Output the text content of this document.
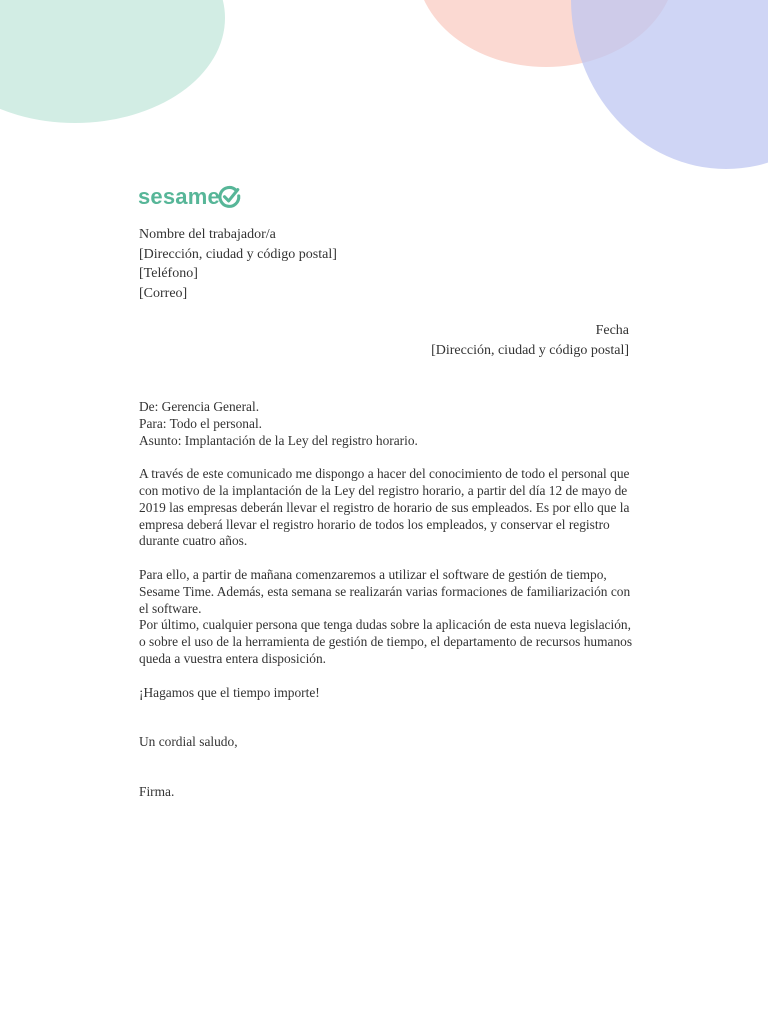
sesame
Nombre del trabajador/a
[Dirección, ciudad y código postal]
[Teléfono]
[Correo]
Fecha
[Dirección, ciudad y código postal]

De: Gerencia General.

Para: Todo el personal.

Asunto: Implantación de la Ley del registro horario.

A través de este comunicado me dispongo a hacer del conocimiento de todo el personal que con motivo de la implantación de la Ley del registro horario, a partir del día 12 de mayo de 2019 las empresas deberán llevar el registro de horario de sus empleados. Es por ello que la empresa deberá llevar el registro horario de todos los empleados, y conservar el registro durante cuatro años.

Para ello, a partir de mañana comenzaremos a utilizar el software de gestión de tiempo, Sesame Time. Además, esta semana se realizarán varias formaciones de familiarización con el software.

Por último, cualquier persona que tenga dudas sobre la aplicación de esta nueva legislación, o sobre el uso de la herramienta de gestión de tiempo, el departamento de recursos humanos queda a vuestra entera disposición.

¡Hagamos que el tiempo importe!

Un cordial saludo,

Firma.
